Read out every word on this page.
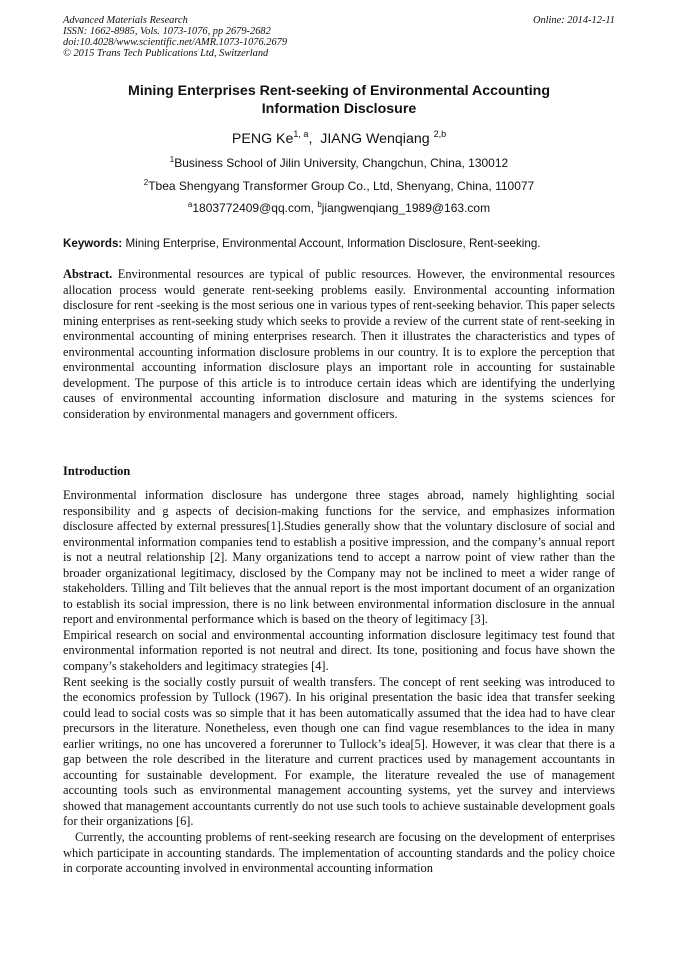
Advanced Materials Research
ISSN: 1662-8985, Vols. 1073-1076, pp 2679-2682
doi:10.4028/www.scientific.net/AMR.1073-1076.2679
© 2015 Trans Tech Publications Ltd, Switzerland
Online: 2014-12-11
Mining Enterprises Rent-seeking of Environmental Accounting
Information Disclosure
PENG Ke$^{1, a}$,  JIANG Wenqiang $^{2,b}$
$^1$Business School of Jilin University, Changchun, China, 130012
$^2$Tbea Shengyang Transformer Group Co., Ltd, Shenyang, China, 110077
$^a$1803772409@qq.com, $^b$jiangwenqiang_1989@163.com
Keywords: Mining Enterprise, Environmental Account, Information Disclosure, Rent-seeking.

Abstract. Environmental resources are typical of public resources. However, the environmental resources allocation process would generate rent-seeking problems easily. Environmental accounting information disclosure for rent -seeking is the most serious one in various types of rent-seeking behavior. This paper selects mining enterprises as rent-seeking study which seeks to provide a review of the current state of rent-seeking in environmental accounting of mining enterprises research. Then it illustrates the characteristics and types of environmental accounting information disclosure problems in our country. It is to explore the perception that environmental accounting information disclosure plays an important role in accounting for sustainable development. The purpose of this article is to introduce certain ideas which are identifying the underlying causes of environmental accounting information disclosure and maturing in the systems sciences for consideration by environmental managers and government officers.

Introduction

Environmental information disclosure has undergone three stages abroad, namely highlighting social responsibility and g aspects of decision-making functions for the service, and emphasizes information disclosure affected by external pressures[1].Studies generally show that the voluntary disclosure of social and environmental information companies tend to establish a positive impression, and the company’s annual report is not a neutral relationship [2]. Many organizations tend to accept a narrow point of view rather than the broader organizational legitimacy, disclosed by the Company may not be inclined to meet a wider range of stakeholders. Tilling and Tilt believes that the annual report is the most important document of an organization to establish its social impression, there is no link between environmental information disclosure in the annual report and environmental performance which is based on the theory of legitimacy [3].

Empirical research on social and environmental accounting information disclosure legitimacy test found that environmental information reported is not neutral and direct. Its tone, positioning and focus have shown the company’s stakeholders and legitimacy strategies [4].

Rent seeking is the socially costly pursuit of wealth transfers. The concept of rent seeking was introduced to the economics profession by Tullock (1967). In his original presentation the basic idea that transfer seeking could lead to social costs was so simple that it has been automatically assumed that the idea had to have clear precursors in the literature. Nonetheless, even though one can find vague resemblances to the idea in many earlier writings, no one has uncovered a forerunner to Tullock’s idea[5]. However, it was clear that there is a gap between the role described in the literature and current practices used by management accountants in accounting for sustainable development. For example, the literature revealed the use of management accounting tools such as environmental management accounting systems, yet the survey and interviews showed that management accountants currently do not use such tools to achieve sustainable development goals for their organizations [6].

Currently, the accounting problems of rent-seeking research are focusing on the development of enterprises which participate in accounting standards. The implementation of accounting standards and the policy choice in corporate accounting involved in environmental accounting information
